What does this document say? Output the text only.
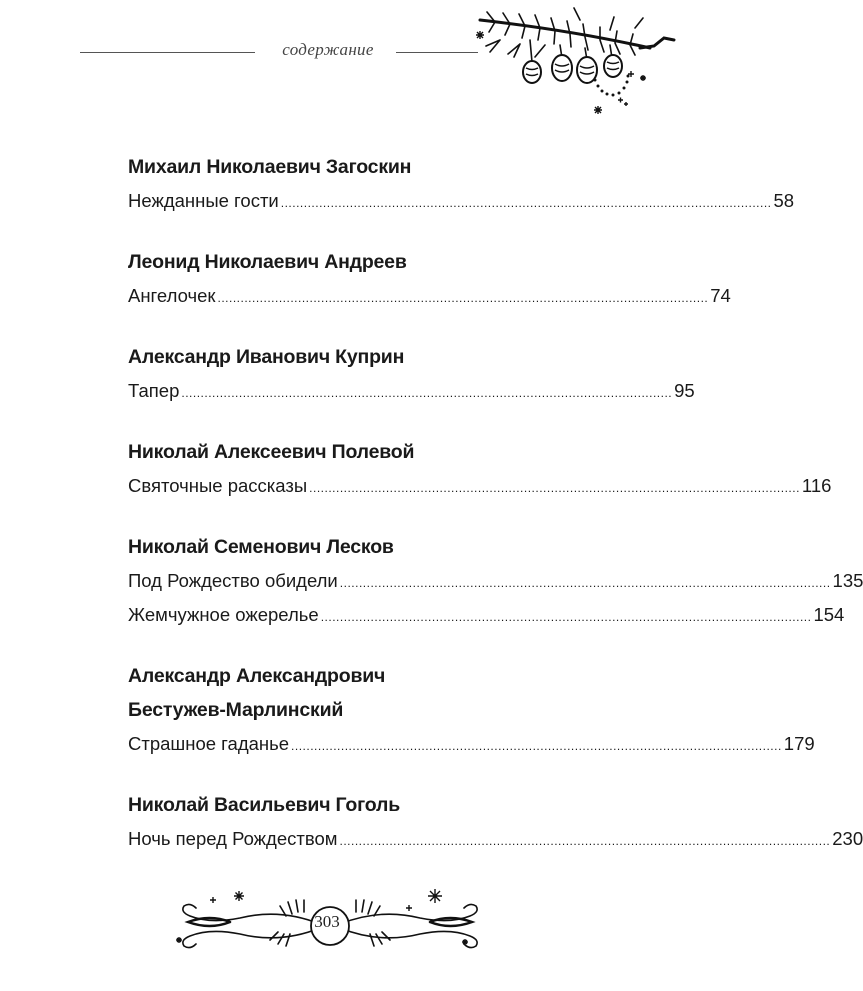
содержание
Михаил Николаевич Загоскин
Нежданные гости ................................................................................................................................ 58
Леонид Николаевич Андреев
Ангелочек ................................................................................................................................ 74
Александр Иванович Куприн
Тапер ................................................................................................................................ 95
Николай Алексеевич Полевой
Святочные рассказы ................................................................................................................................ 116
Николай Семенович Лесков
Под Рождество обидели ................................................................................................................................ 135
Жемчужное ожерелье ................................................................................................................................ 154
Александр Александрович
Бестужев-Марлинский
Страшное гаданье ................................................................................................................................ 179
Николай Васильевич Гоголь
Ночь перед Рождеством ................................................................................................................................ 230
303
